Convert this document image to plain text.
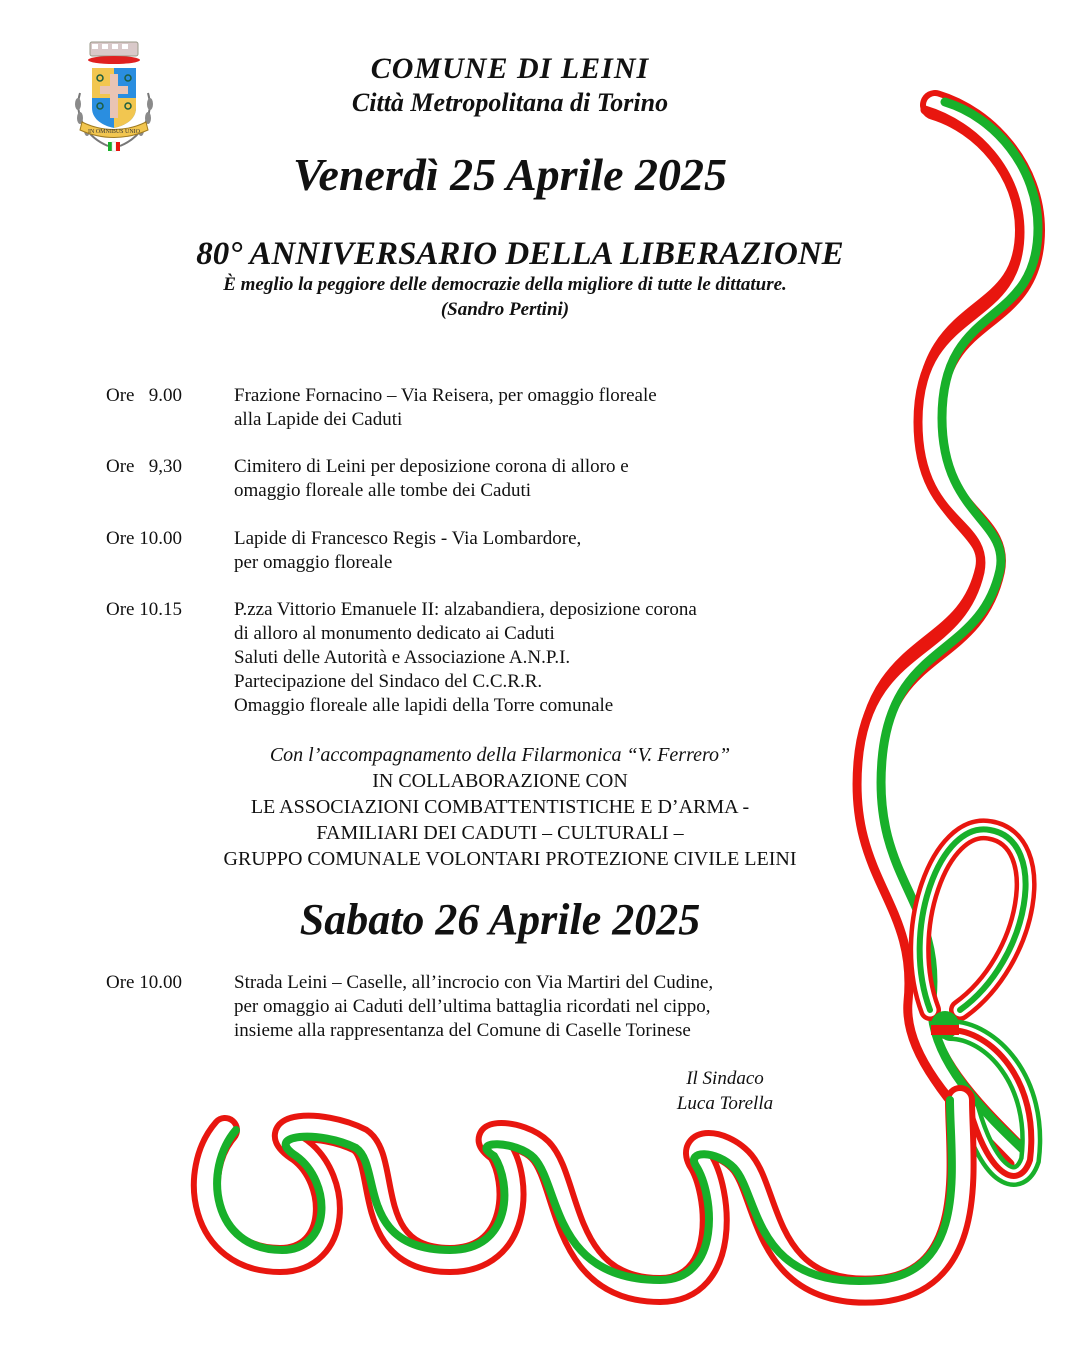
IN OMNIBUS UNIO
COMUNE DI LEINI
Città Metropolitana di Torino
Venerdì 25 Aprile 2025
80° ANNIVERSARIO DELLA LIBERAZIONE
È meglio la peggiore delle democrazie della migliore di tutte le dittature.
(Sandro Pertini)
Ore   9.00	Frazione Fornacino – Via Reisera, per omaggio floreale
alla Lapide dei Caduti
Ore   9,30	Cimitero di Leini per deposizione corona di alloro e
omaggio floreale alle tombe dei Caduti
Ore 10.00	Lapide di Francesco Regis - Via Lombardore,
per omaggio floreale
Ore 10.15	P.zza Vittorio Emanuele II: alzabandiera, deposizione corona
di alloro al monumento dedicato ai Caduti
Saluti delle Autorità e Associazione A.N.P.I.
Partecipazione del Sindaco del C.C.R.R.
Omaggio floreale alle lapidi della Torre comunale
Con l’accompagnamento della Filarmonica “V. Ferrero”
IN COLLABORAZIONE CON
LE ASSOCIAZIONI COMBATTENTISTICHE E D’ARMA -
FAMILIARI DEI CADUTI – CULTURALI –
GRUPPO COMUNALE VOLONTARI PROTEZIONE CIVILE LEINI
Sabato 26 Aprile 2025
Ore 10.00	Strada Leini – Caselle, all’incrocio con Via Martiri del Cudine,
per omaggio ai Caduti dell’ultima battaglia ricordati nel cippo,
insieme alla rappresentanza del Comune di Caselle Torinese
Il Sindaco
Luca Torella
